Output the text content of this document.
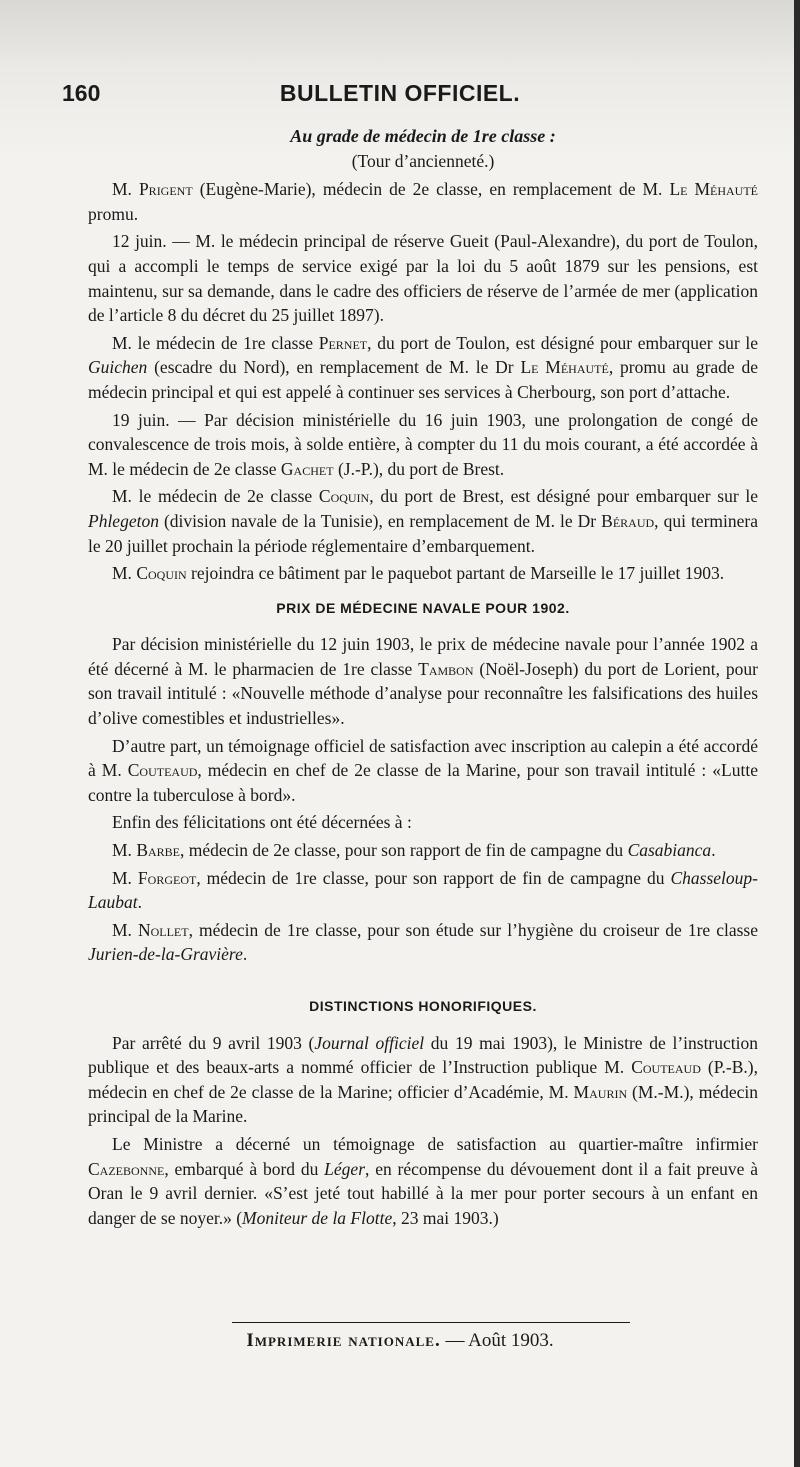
160	BULLETIN OFFICIEL.
Au grade de médecin de 1re classe :
(Tour d’ancienneté.)

M. Prigent (Eugène-Marie), médecin de 2e classe, en remplacement de M. Le Méhauté promu.

12 juin. — M. le médecin principal de réserve Gueit (Paul-Alexandre), du port de Toulon, qui a accompli le temps de service exigé par la loi du 5 août 1879 sur les pensions, est maintenu, sur sa demande, dans le cadre des officiers de réserve de l’armée de mer (application de l’article 8 du décret du 25 juillet 1897).

M. le médecin de 1re classe Pernet, du port de Toulon, est désigné pour embarquer sur le Guichen (escadre du Nord), en remplacement de M. le Dr Le Méhauté, promu au grade de médecin principal et qui est appelé à continuer ses services à Cherbourg, son port d’attache.

19 juin. — Par décision ministérielle du 16 juin 1903, une prolongation de congé de convalescence de trois mois, à solde entière, à compter du 11 du mois courant, a été accordée à M. le médecin de 2e classe Gachet (J.-P.), du port de Brest.

M. le médecin de 2e classe Coquin, du port de Brest, est désigné pour embarquer sur le Phlegeton (division navale de la Tunisie), en remplacement de M. le Dr Béraud, qui terminera le 20 juillet prochain la période réglementaire d’embarquement.

M. Coquin rejoindra ce bâtiment par le paquebot partant de Marseille le 17 juillet 1903.

PRIX DE MÉDECINE NAVALE POUR 1902.

Par décision ministérielle du 12 juin 1903, le prix de médecine navale pour l’année 1902 a été décerné à M. le pharmacien de 1re classe Tambon (Noël-Joseph) du port de Lorient, pour son travail intitulé : «Nouvelle méthode d’analyse pour reconnaître les falsifications des huiles d’olive comestibles et industrielles».

D’autre part, un témoignage officiel de satisfaction avec inscription au calepin a été accordé à M. Couteaud, médecin en chef de 2e classe de la Marine, pour son travail intitulé : «Lutte contre la tuberculose à bord».

Enfin des félicitations ont été décernées à :

M. Barbe, médecin de 2e classe, pour son rapport de fin de campagne du Casabianca.

M. Forgeot, médecin de 1re classe, pour son rapport de fin de campagne du Chasseloup-Laubat.

M. Nollet, médecin de 1re classe, pour son étude sur l’hygiène du croiseur de 1re classe Jurien-de-la-Gravière.

DISTINCTIONS HONORIFIQUES.

Par arrêté du 9 avril 1903 (Journal officiel du 19 mai 1903), le Ministre de l’instruction publique et des beaux-arts a nommé officier de l’Instruction publique M. Couteaud (P.-B.), médecin en chef de 2e classe de la Marine; officier d’Académie, M. Maurin (M.-M.), médecin principal de la Marine.

Le Ministre a décerné un témoignage de satisfaction au quartier-maître infirmier Cazebonne, embarqué à bord du Léger, en récompense du dévouement dont il a fait preuve à Oran le 9 avril dernier. «S’est jeté tout habillé à la mer pour porter secours à un enfant en danger de se noyer.» (Moniteur de la Flotte, 23 mai 1903.)

Imprimerie nationale. — Août 1903.
